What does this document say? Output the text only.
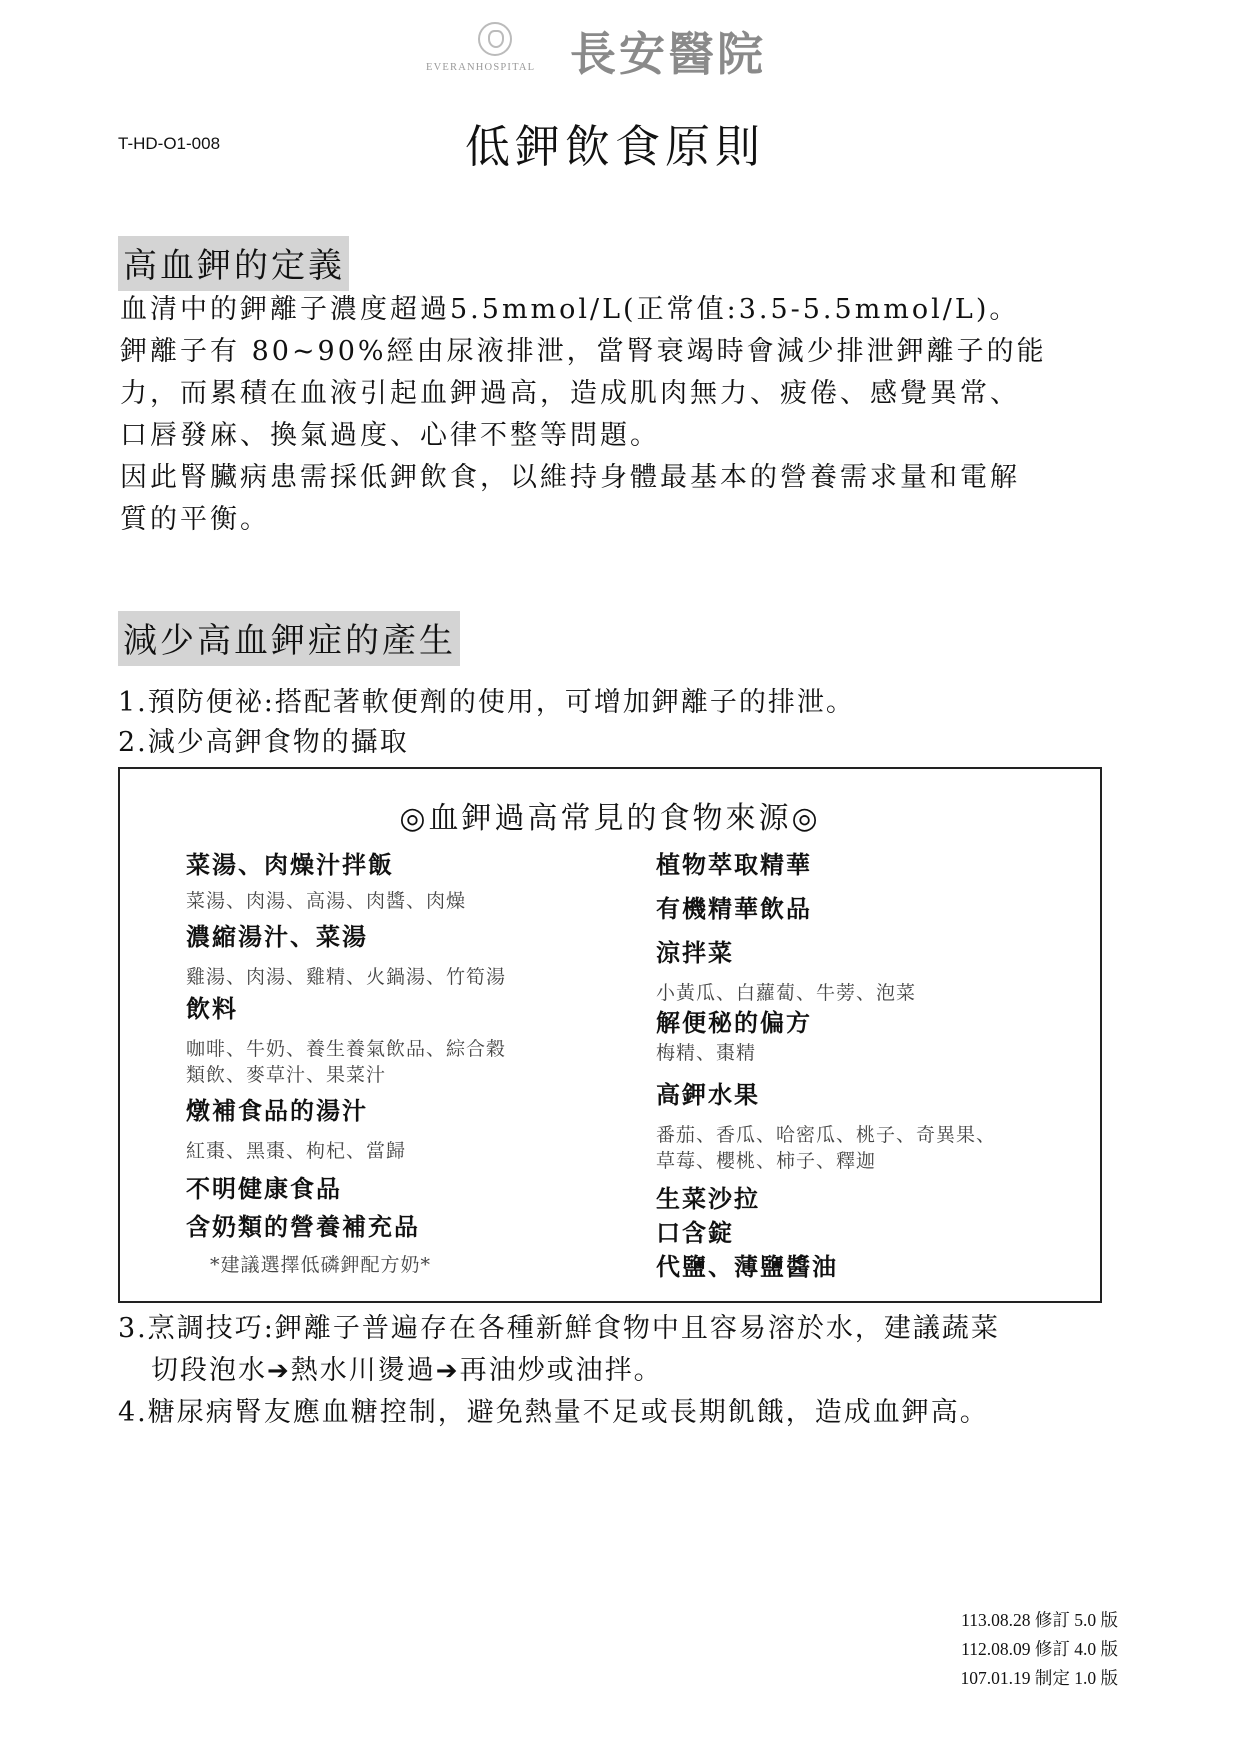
EVERANHOSPITAL 長安醫院
T-HD-O1-008	低鉀飲食原則
高血鉀的定義
血清中的鉀離子濃度超過5.5mmol/L(正常值:3.5-5.5mmol/L)。
鉀離子有 80~90%經由尿液排泄，當腎衰竭時會減少排泄鉀離子的能
力，而累積在血液引起血鉀過高，造成肌肉無力、疲倦、感覺異常、
口唇發麻、換氣過度、心律不整等問題。
因此腎臟病患需採低鉀飲食，以維持身體最基本的營養需求量和電解
質的平衡。
減少高血鉀症的產生
1.預防便祕:搭配著軟便劑的使用，可增加鉀離子的排泄。
2.減少高鉀食物的攝取
◎血鉀過高常見的食物來源◎
菜湯、肉燥汁拌飯
菜湯、肉湯、高湯、肉醬、肉燥
濃縮湯汁、菜湯
雞湯、肉湯、雞精、火鍋湯、竹筍湯
飲料
咖啡、牛奶、養生養氣飲品、綜合穀
類飲、麥草汁、果菜汁
燉補食品的湯汁
紅棗、黑棗、枸杞、當歸
不明健康食品
含奶類的營養補充品
*建議選擇低磷鉀配方奶*
植物萃取精華
有機精華飲品
涼拌菜
小黃瓜、白蘿蔔、牛蒡、泡菜
解便秘的偏方
梅精、棗精
高鉀水果
番茄、香瓜、哈密瓜、桃子、奇異果、
草莓、櫻桃、柿子、釋迦
生菜沙拉
口含錠
代鹽、薄鹽醬油
3.烹調技巧:鉀離子普遍存在各種新鮮食物中且容易溶於水，建議蔬菜
切段泡水➔熱水川燙過➔再油炒或油拌。
4.糖尿病腎友應血糖控制，避免熱量不足或長期飢餓，造成血鉀高。
113.08.28 修訂 5.0 版
112.08.09 修訂 4.0 版
107.01.19 制定 1.0 版
